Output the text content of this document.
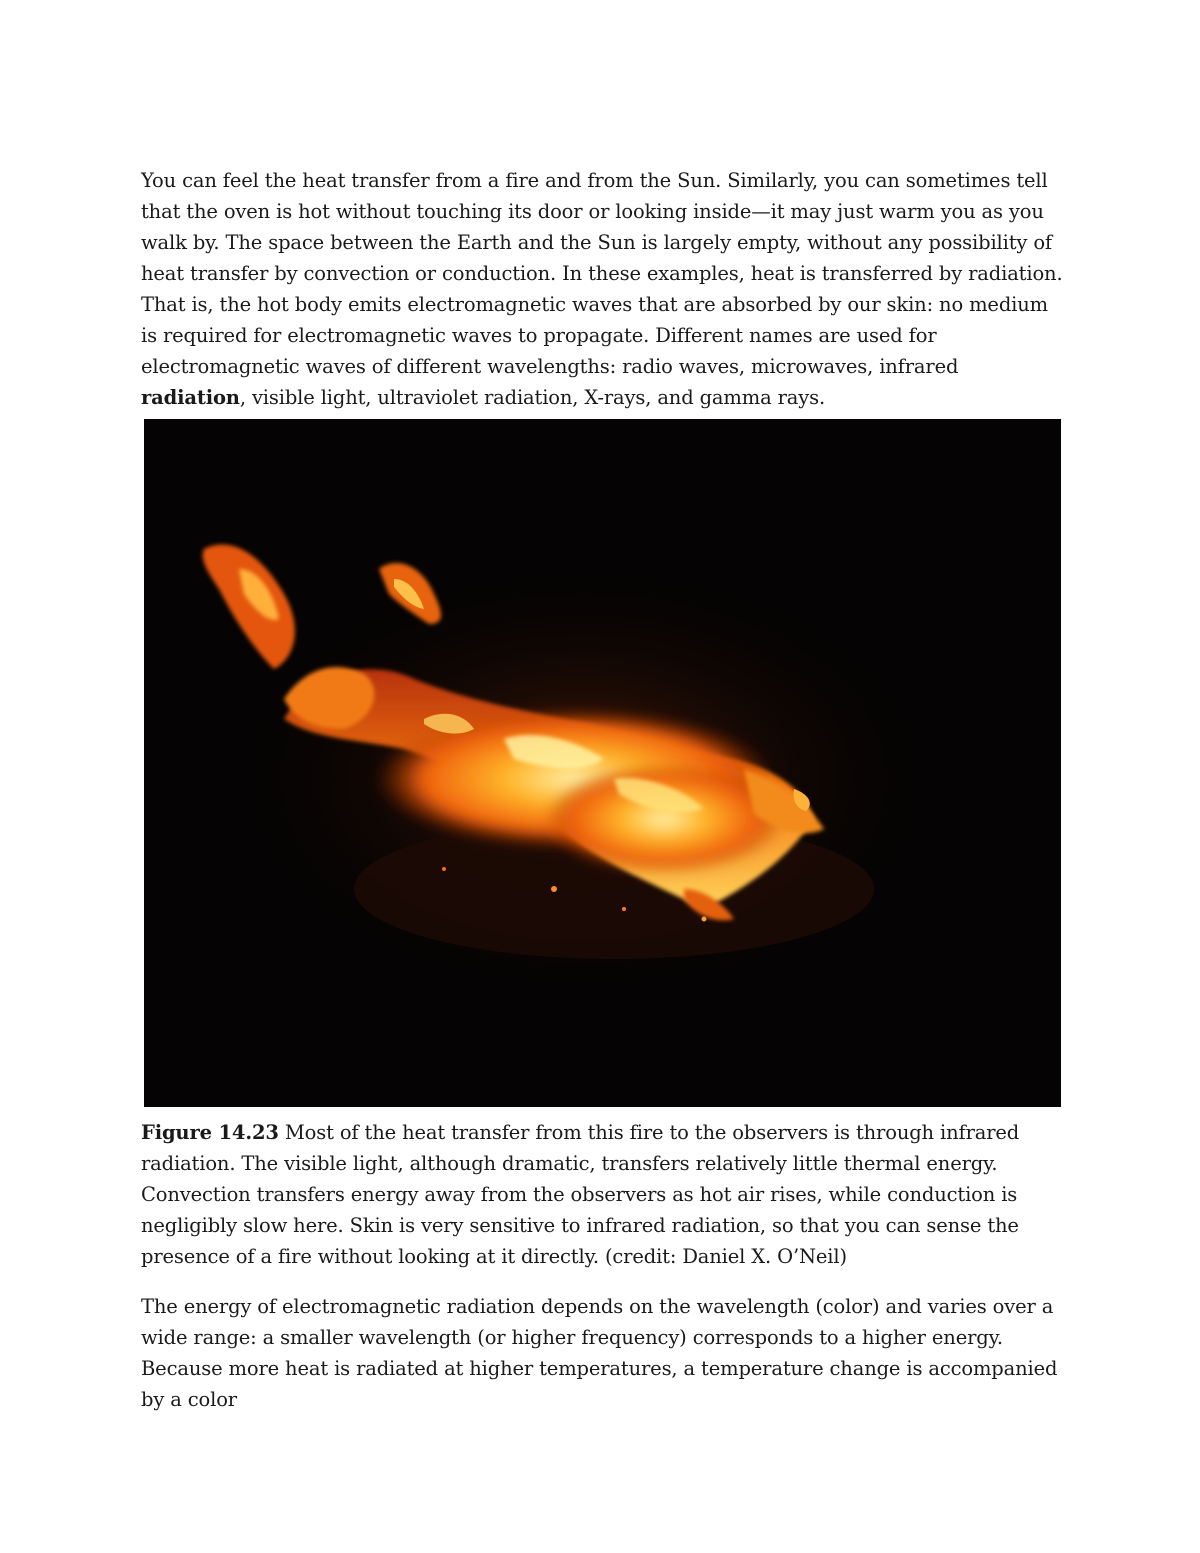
You can feel the heat transfer from a fire and from the Sun. Similarly, you can sometimes tell that the oven is hot without touching its door or looking inside—it may just warm you as you walk by. The space between the Earth and the Sun is largely empty, without any possibility of heat transfer by convection or conduction. In these examples, heat is transferred by radiation. That is, the hot body emits electromagnetic waves that are absorbed by our skin: no medium is required for electromagnetic waves to propagate. Different names are used for electromagnetic waves of different wavelengths: radio waves, microwaves, infrared radiation, visible light, ultraviolet radiation, X-rays, and gamma rays.

Figure 14.23 Most of the heat transfer from this fire to the observers is through infrared radiation. The visible light, although dramatic, transfers relatively little thermal energy. Convection transfers energy away from the observers as hot air rises, while conduction is negligibly slow here. Skin is very sensitive to infrared radiation, so that you can sense the presence of a fire without looking at it directly. (credit: Daniel X. O’Neil)

The energy of electromagnetic radiation depends on the wavelength (color) and varies over a wide range: a smaller wavelength (or higher frequency) corresponds to a higher energy. Because more heat is radiated at higher temperatures, a temperature change is accompanied by a color
